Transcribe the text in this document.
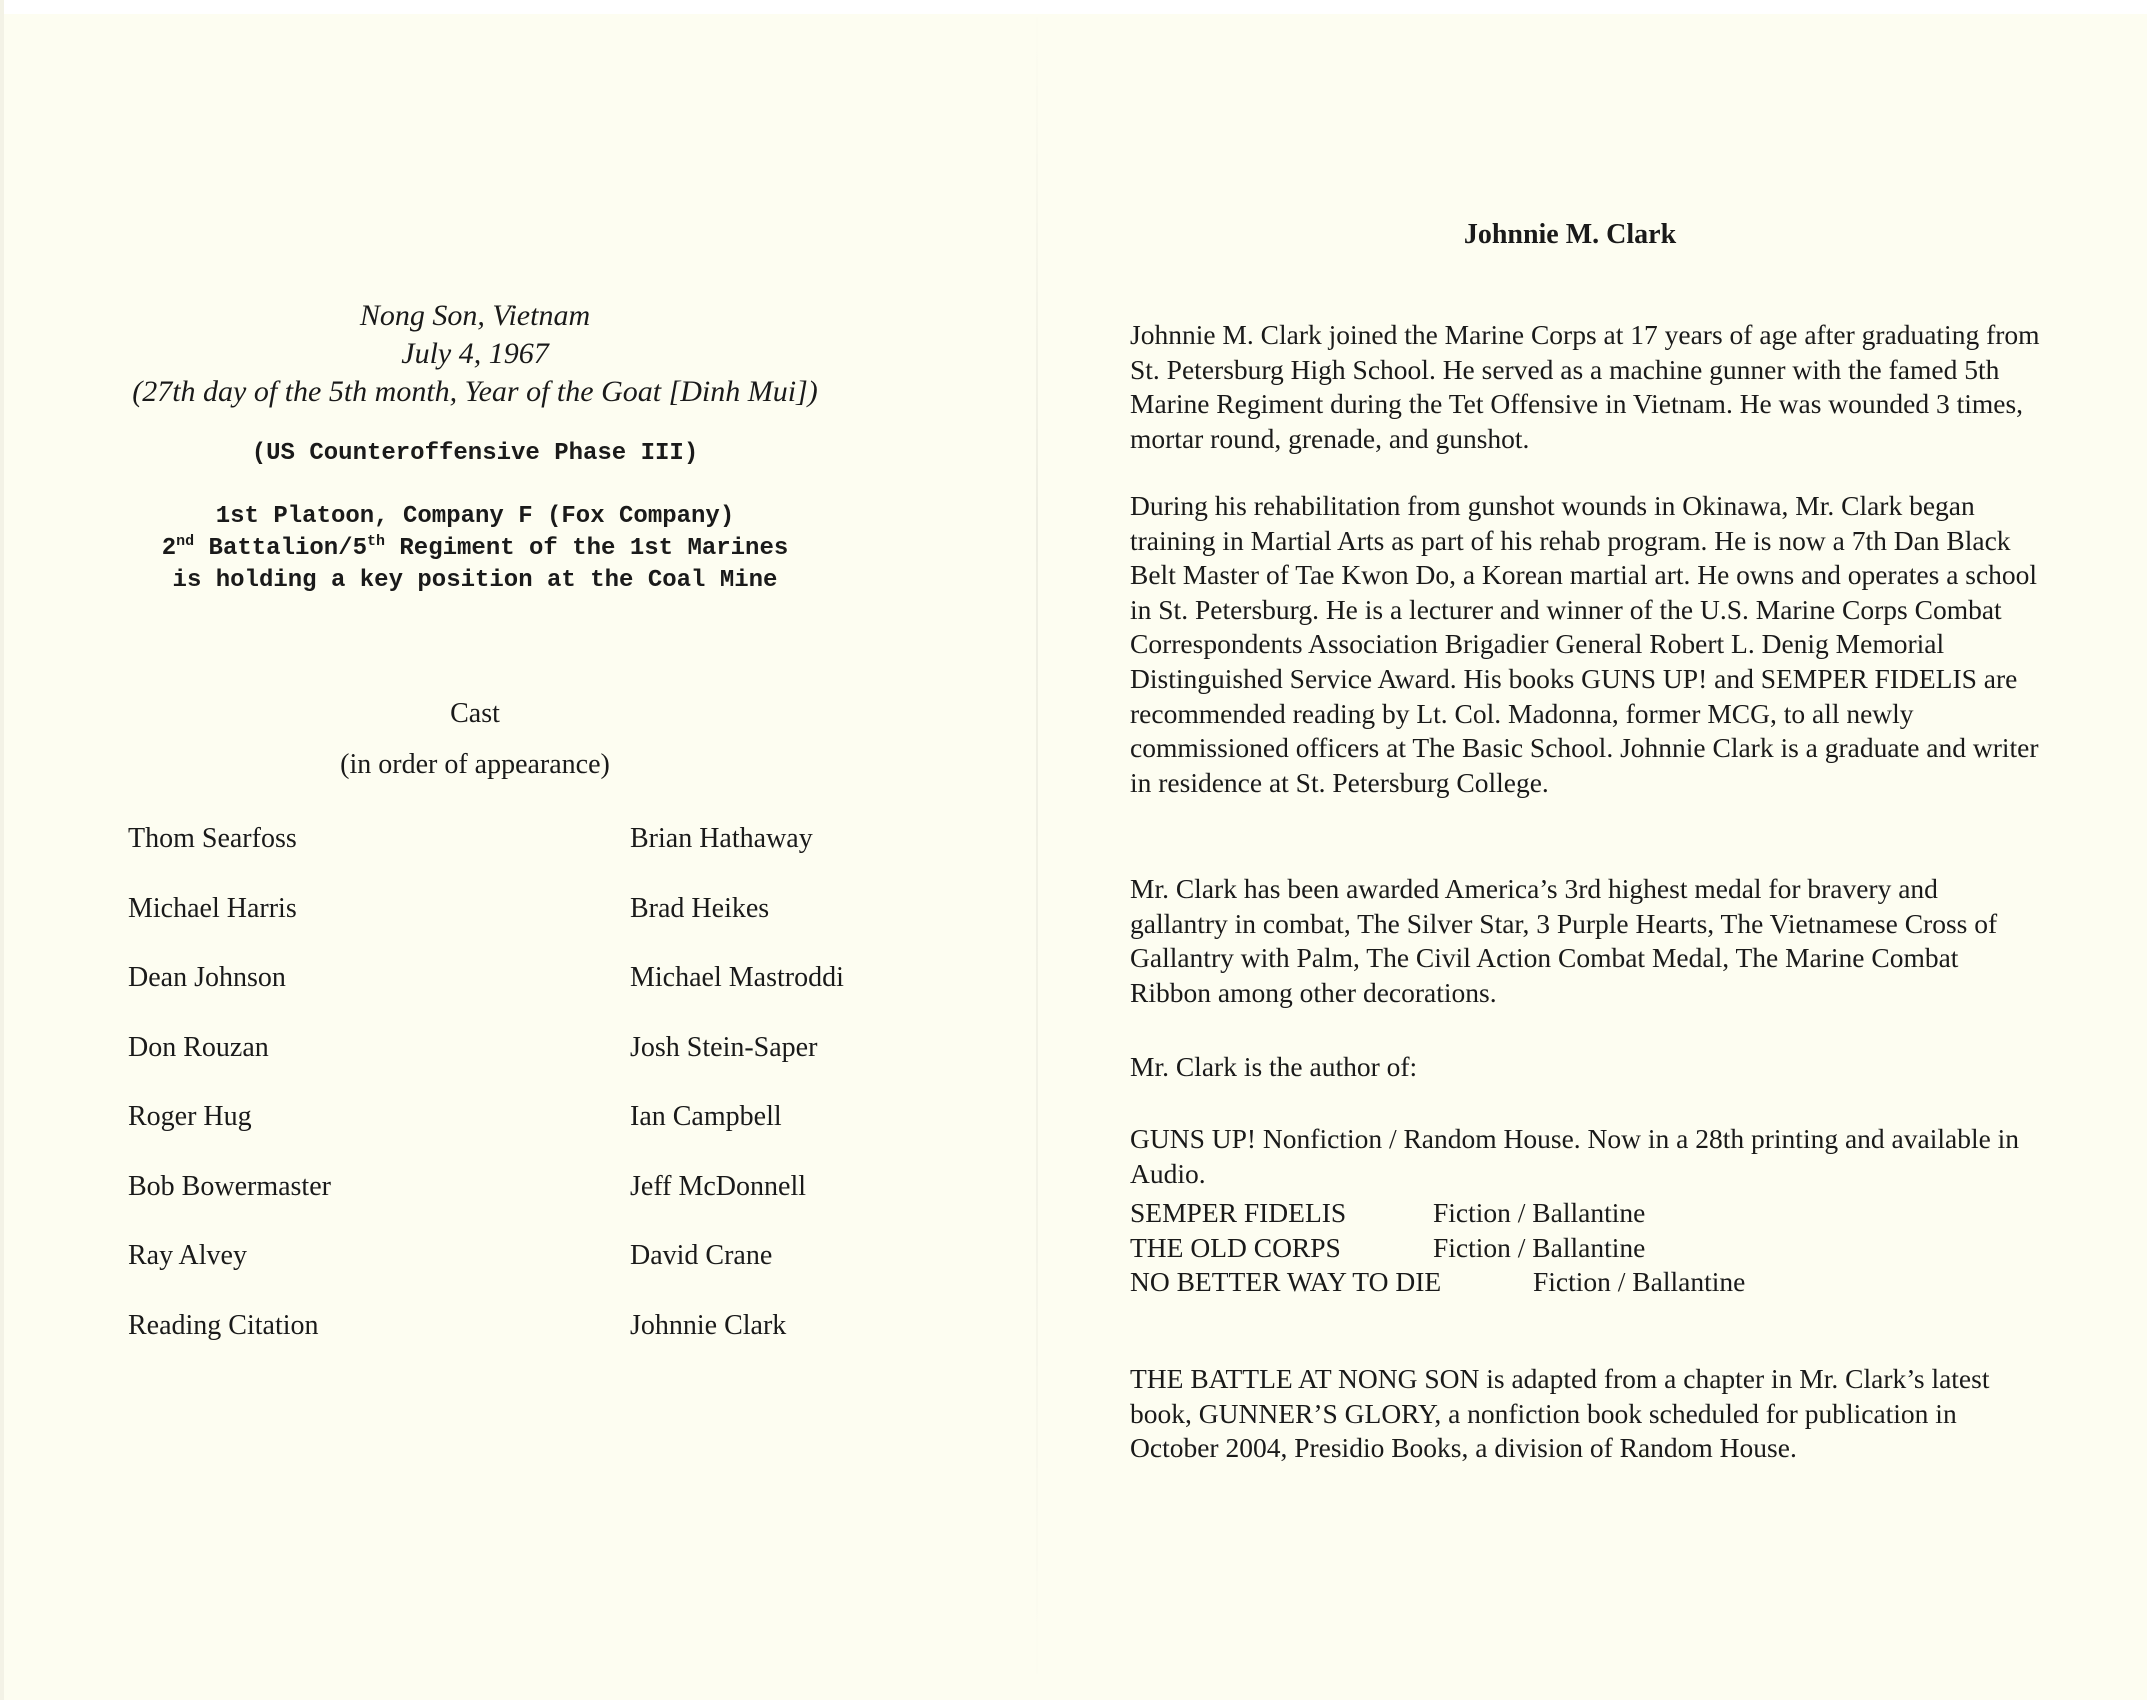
Nong Son, Vietnam
July 4, 1967
(27th day of the 5th month, Year of the Goat [Dinh Mui])
(US Counteroffensive Phase III)
1st Platoon, Company F (Fox Company)
2nd Battalion/5th Regiment of the 1st Marines
is holding a key position at the Coal Mine
Cast
(in order of appearance)
Thom Searfoss	Brian Hathaway
Michael Harris	Brad Heikes
Dean Johnson	Michael Mastroddi
Don Rouzan	Josh Stein-Saper
Roger Hug	Ian Campbell
Bob Bowermaster	Jeff McDonnell
Ray Alvey	David Crane
Reading Citation	Johnnie Clark
Johnnie M. Clark

Johnnie M. Clark joined the Marine Corps at 17 years of age after graduating from St. Petersburg High School. He served as a machine gunner with the famed 5th Marine Regiment during the Tet Offensive in Vietnam. He was wounded 3 times, mortar round, grenade, and gunshot.

During his rehabilitation from gunshot wounds in Okinawa, Mr. Clark began training in Martial Arts as part of his rehab program. He is now a 7th Dan Black Belt Master of Tae Kwon Do, a Korean martial art. He owns and operates a school in St. Petersburg. He is a lecturer and winner of the U.S. Marine Corps Combat Correspondents Association Brigadier General Robert L. Denig Memorial Distinguished Service Award. His books GUNS UP! and SEMPER FIDELIS are recommended reading by Lt. Col. Madonna, former MCG, to all newly commissioned officers at The Basic School. Johnnie Clark is a graduate and writer in residence at St. Petersburg College.

Mr. Clark has been awarded America’s 3rd highest medal for bravery and gallantry in combat, The Silver Star, 3 Purple Hearts, The Vietnamese Cross of Gallantry with Palm, The Civil Action Combat Medal, The Marine Combat Ribbon among other decorations.

Mr. Clark is the author of:

GUNS UP! Nonfiction / Random House. Now in a 28th printing and available in Audio.

SEMPER FIDELIS	Fiction / Ballantine
THE OLD CORPS	Fiction / Ballantine
NO BETTER WAY TO DIE	Fiction / Ballantine

THE BATTLE AT NONG SON is adapted from a chapter in Mr. Clark’s latest book, GUNNER’S GLORY, a nonfiction book scheduled for publication in October 2004, Presidio Books, a division of Random House.
